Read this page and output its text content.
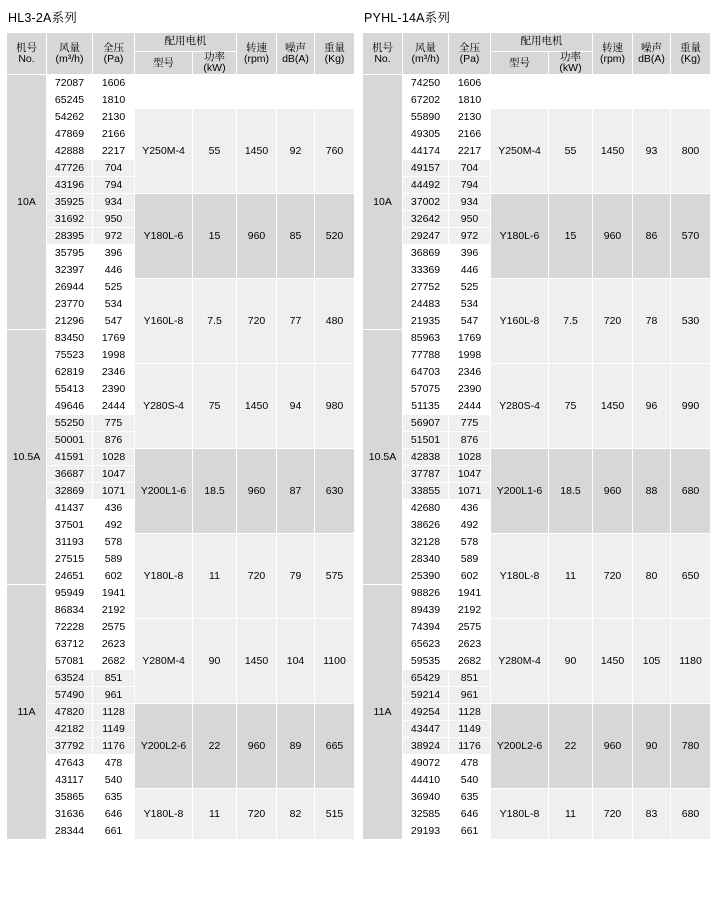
HL3-2A系列
机号
No.	风量
(m³/h)	全压
(Pa)	配用电机		转速
(rpm)	噪声
dB(A)	重量
(Kg)

			型号	功率(kW)			
10A	72087	1606					
	65245	1810					
	54262	2130	Y250M-4	55	1450	92	760
	47869	2166					
	42888	2217					
	47726	704					
	43196	794					
	35925	934	Y180L-6	15	960	85	520
	31692	950					
	28395	972					
	35795	396					
	32397	446					
	26944	525	Y160L-8	7.5	720	77	480
	23770	534					
	21296	547					
10.5A	83450	1769					
	75523	1998					
	62819	2346	Y280S-4	75	1450	94	980
	55413	2390					
	49646	2444					
	55250	775					
	50001	876					
	41591	1028	Y200L1-6	18.5	960	87	630
	36687	1047					
	32869	1071					
	41437	436					
	37501	492					
	31193	578	Y180L-8	11	720	79	575
	27515	589					
	24651	602					
11A	95949	1941					
	86834	2192					
	72228	2575	Y280M-4	90	1450	104	1100
	63712	2623					
	57081	2682					
	63524	851					
	57490	961					
	47820	1128	Y200L2-6	22	960	89	665
	42182	1149					
	37792	1176					
	47643	478					
	43117	540					
	35865	635	Y180L-8	11	720	82	515
	31636	646					
	28344	661					
PYHL-14A系列
机号
No.	风量
(m³/h)	全压
(Pa)	配用电机		转速
(rpm)	噪声
dB(A)	重量
(Kg)

			型号	功率(kW)			
10A	74250	1606					
	67202	1810					
	55890	2130	Y250M-4	55	1450	93	800
	49305	2166					
	44174	2217					
	49157	704					
	44492	794					
	37002	934	Y180L-6	15	960	86	570
	32642	950					
	29247	972					
	36869	396					
	33369	446					
	27752	525	Y160L-8	7.5	720	78	530
	24483	534					
	21935	547					
10.5A	85963	1769					
	77788	1998					
	64703	2346	Y280S-4	75	1450	96	990
	57075	2390					
	51135	2444					
	56907	775					
	51501	876					
	42838	1028	Y200L1-6	18.5	960	88	680
	37787	1047					
	33855	1071					
	42680	436					
	38626	492					
	32128	578	Y180L-8	11	720	80	650
	28340	589					
	25390	602					
11A	98826	1941					
	89439	2192					
	74394	2575	Y280M-4	90	1450	105	1180
	65623	2623					
	59535	2682					
	65429	851					
	59214	961					
	49254	1128	Y200L2-6	22	960	90	780
	43447	1149					
	38924	1176					
	49072	478					
	44410	540					
	36940	635	Y180L-8	11	720	83	680
	32585	646					
	29193	661					
